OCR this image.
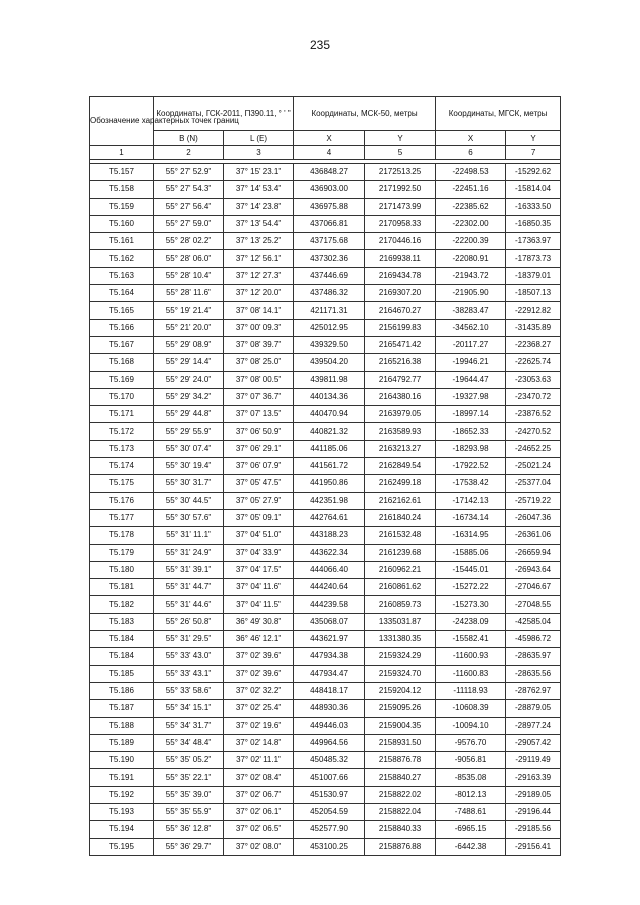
235
Обозначение характерных точек границ	Координаты, ГСК-2011, П390.11, ° ' "		Координаты, МСК-50, метры		Координаты, МГСК, метры	
	B (N)	L (E)	X	Y	X	Y
1	2	3	4	5	6	7

T5.157	55° 27' 52.9"	37° 15' 23.1"	436848.27	2172513.25	-22498.53	-15292.62
T5.158	55° 27' 54.3"	37° 14' 53.4"	436903.00	2171992.50	-22451.16	-15814.04
T5.159	55° 27' 56.4"	37° 14' 23.8"	436975.88	2171473.99	-22385.62	-16333.50
T5.160	55° 27' 59.0"	37° 13' 54.4"	437066.81	2170958.33	-22302.00	-16850.35
T5.161	55° 28' 02.2"	37° 13' 25.2"	437175.68	2170446.16	-22200.39	-17363.97
T5.162	55° 28' 06.0"	37° 12' 56.1"	437302.36	2169938.11	-22080.91	-17873.73
T5.163	55° 28' 10.4"	37° 12' 27.3"	437446.69	2169434.78	-21943.72	-18379.01
T5.164	55° 28' 11.6"	37° 12' 20.0"	437486.32	2169307.20	-21905.90	-18507.13
T5.165	55° 19' 21.4"	37° 08' 14.1"	421171.31	2164670.27	-38283.47	-22912.82
T5.166	55° 21' 20.0"	37° 00' 09.3"	425012.95	2156199.83	-34562.10	-31435.89
T5.167	55° 29' 08.9"	37° 08' 39.7"	439329.50	2165471.42	-20117.27	-22368.27
T5.168	55° 29' 14.4"	37° 08' 25.0"	439504.20	2165216.38	-19946.21	-22625.74
T5.169	55° 29' 24.0"	37° 08' 00.5"	439811.98	2164792.77	-19644.47	-23053.63
T5.170	55° 29' 34.2"	37° 07' 36.7"	440134.36	2164380.16	-19327.98	-23470.72
T5.171	55° 29' 44.8"	37° 07' 13.5"	440470.94	2163979.05	-18997.14	-23876.52
T5.172	55° 29' 55.9"	37° 06' 50.9"	440821.32	2163589.93	-18652.33	-24270.52
T5.173	55° 30' 07.4"	37° 06' 29.1"	441185.06	2163213.27	-18293.98	-24652.25
T5.174	55° 30' 19.4"	37° 06' 07.9"	441561.72	2162849.54	-17922.52	-25021.24
T5.175	55° 30' 31.7"	37° 05' 47.5"	441950.86	2162499.18	-17538.42	-25377.04
T5.176	55° 30' 44.5"	37° 05' 27.9"	442351.98	2162162.61	-17142.13	-25719.22
T5.177	55° 30' 57.6"	37° 05' 09.1"	442764.61	2161840.24	-16734.14	-26047.36
T5.178	55° 31' 11.1"	37° 04' 51.0"	443188.23	2161532.48	-16314.95	-26361.06
T5.179	55° 31' 24.9"	37° 04' 33.9"	443622.34	2161239.68	-15885.06	-26659.94
T5.180	55° 31' 39.1"	37° 04' 17.5"	444066.40	2160962.21	-15445.01	-26943.64
T5.181	55° 31' 44.7"	37° 04' 11.6"	444240.64	2160861.62	-15272.22	-27046.67
T5.182	55° 31' 44.6"	37° 04' 11.5"	444239.58	2160859.73	-15273.30	-27048.55
T5.183	55° 26' 50.8"	36° 49' 30.8"	435068.07	1335031.87	-24238.09	-42585.04
T5.184	55° 31' 29.5"	36° 46' 12.1"	443621.97	1331380.35	-15582.41	-45986.72
T5.184	55° 33' 43.0"	37° 02' 39.6"	447934.38	2159324.29	-11600.93	-28635.97
T5.185	55° 33' 43.1"	37° 02' 39.6"	447934.47	2159324.70	-11600.83	-28635.56
T5.186	55° 33' 58.6"	37° 02' 32.2"	448418.17	2159204.12	-11118.93	-28762.97
T5.187	55° 34' 15.1"	37° 02' 25.4"	448930.36	2159095.26	-10608.39	-28879.05
T5.188	55° 34' 31.7"	37° 02' 19.6"	449446.03	2159004.35	-10094.10	-28977.24
T5.189	55° 34' 48.4"	37° 02' 14.8"	449964.56	2158931.50	-9576.70	-29057.42
T5.190	55° 35' 05.2"	37° 02' 11.1"	450485.32	2158876.78	-9056.81	-29119.49
T5.191	55° 35' 22.1"	37° 02' 08.4"	451007.66	2158840.27	-8535.08	-29163.39
T5.192	55° 35' 39.0"	37° 02' 06.7"	451530.97	2158822.02	-8012.13	-29189.05
T5.193	55° 35' 55.9"	37° 02' 06.1"	452054.59	2158822.04	-7488.61	-29196.44
T5.194	55° 36' 12.8"	37° 02' 06.5"	452577.90	2158840.33	-6965.15	-29185.56
T5.195	55° 36' 29.7"	37° 02' 08.0"	453100.25	2158876.88	-6442.38	-29156.41
